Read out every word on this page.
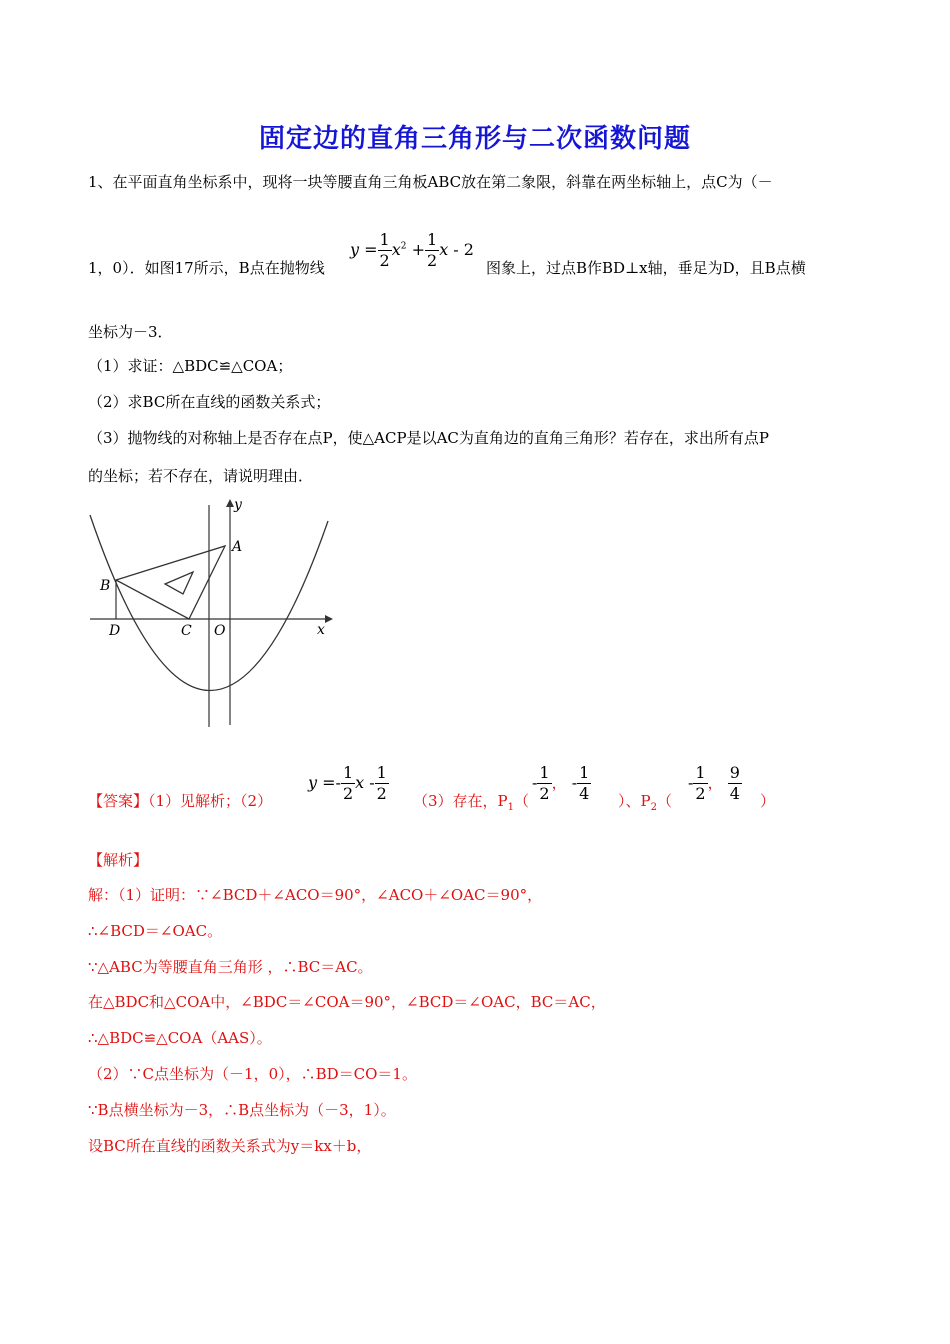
固定边的直角三角形与二次函数问题
1、在平面直角坐标系中，现将一块等腰直角三角板ABC放在第二象限，斜靠在两坐标轴上，点C为（－
1，0）．如图17所示，B点在抛物线
$y = \frac{1}{2} x^2 + \frac{1}{2}$ x - 2
图象上，过点B作BD⊥x轴，垂足为D，且B点横
坐标为－3．
（1）求证：△BDC≌△COA；
（2）求BC所在直线的函数关系式；
（3）抛物线的对称轴上是否存在点P，使△ACP是以AC为直角边的直角三角形？若存在，求出所有点P
的坐标；若不存在，请说明理由．
y
x
A
B
C
D	O
【答案】（1）见解析；（2）
$y =- \frac{1}{2}$ x - $\frac{1}{2} (3)$存在，$P_1$（
- $\frac{1}{2}$ ， - $\frac{1}{4}$ ）、$P_2$（
- $\frac{1}{2}$ ， $\frac{9}{4}$ ）
【解析】
解：（1）证明：∵∠BCD＋∠ACO＝90°，∠ACO＋∠OAC＝90°，
∴∠BCD＝∠OAC。
∵△ABC为等腰直角三角形 ，∴BC＝AC。
在△BDC和△COA中，∠BDC＝∠COA＝90°，∠BCD＝∠OAC，BC＝AC，
∴△BDC≌△COA（AAS）。
（2）∵C点坐标为（－1，0），∴BD＝CO＝1。
∵B点横坐标为－3，∴B点坐标为（－3，1）。
设BC所在直线的函数关系式为y＝kx＋b，
